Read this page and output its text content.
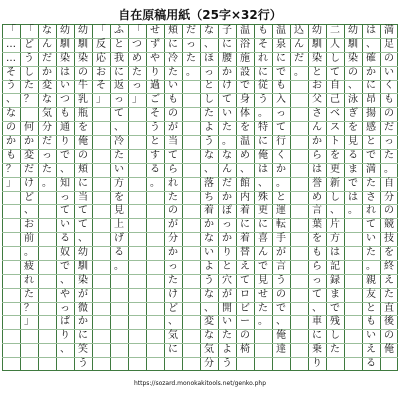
自在原稿用紙（25字×32行）
満
足
の
い
く
も
の
だ
っ
た
。
自
分
の
競
技
を
終
え
た
直
後
の
俺
は
、
確
か
に
昂
揚
感
と
で
満
た
さ
れ
て
い
た
。
親
友
と
も
い
え
る
幼
馴
染
の
、
泳
ぎ
を
見
る
ま
で
は
。
二
人
し
て
自
己
ベ
ス
ト
を
更
新
し
、
片
方
は
記
録
ま
で
残
し
た
幼
馴
染
と
お
父
さ
ん
か
ら
は
誉
め
言
葉
を
も
ら
っ
て
、
車
に
乗
り
込
ん
だ
。
温
泉
に
で
も
入
っ
て
行
く
か
。
と
運
転
手
が
言
う
の
で
、
俺
達
も
そ
れ
に
従
う
。
特
に
俺
は
、
殊
更
に
喜
ん
で
見
せ
た
。
温
浴
施
設
で
身
体
を
温
め
、
館
内
着
に
着
替
え
て
ロ
ビ
ー
の
椅
子
に
腰
か
け
て
い
た
。
な
ん
だ
か
ぽ
っ
か
り
と
穴
が
開
い
た
よ
う
な
、
ほ
っ
と
し
た
よ
う
な
、
落
ち
着
か
な
い
よ
う
な
、
変
な
気
分
だ
っ
た
。
頬
に
冷
た
い
も
の
が
当
て
ら
れ
た
の
が
分
か
っ
た
け
ど
、
気
に
せ
ず
や
り
過
ご
そ
う
と
す
る
。
「
つ
め
た
っ
」
ふ
と
我
に
返
っ
て
、
冷
た
い
方
を
見
上
げ
る
。
「
反
応
お
そ
」
幼
馴
染
の
牛
乳
瓶
を
俺
の
頬
に
当
て
て
、
幼
馴
染
が
微
か
に
笑
う
幼
馴
染
は
い
つ
も
通
り
で
、
知
っ
て
い
る
奴
で
、
や
っ
ぱ
り
、
な
ん
だ
か
変
な
気
分
だ
っ
た
。
「
ど
う
し
た
？

何
か
変
だ
け
ど
、
お
前
。
疲
れ
た
？
」
「
…
…
そ
う
、
な
の
か
も
？
」
https://sozard.monokakitools.net/genko.php
